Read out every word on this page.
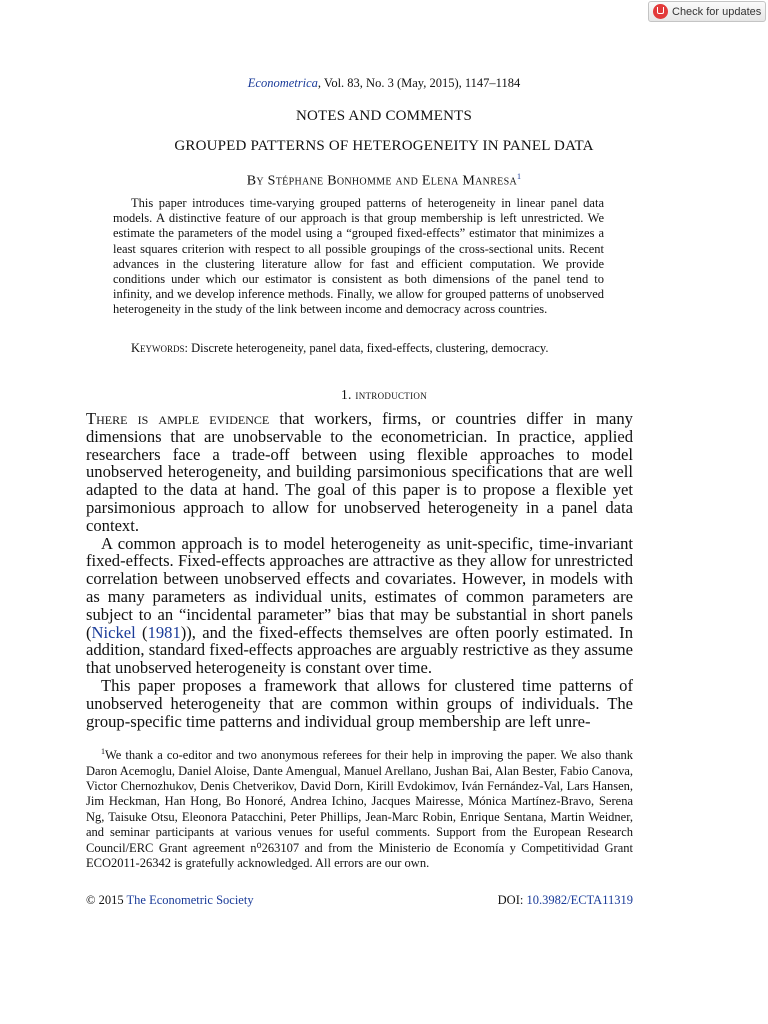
Check for updates
Econometrica, Vol. 83, No. 3 (May, 2015), 1147–1184
NOTES AND COMMENTS
GROUPED PATTERNS OF HETEROGENEITY IN PANEL DATA
By Stéphane Bonhomme and Elena Manresa$^1$

This paper introduces time-varying grouped patterns of heterogeneity in linear panel data models. A distinctive feature of our approach is that group membership is left unrestricted. We estimate the parameters of the model using a “grouped fixed-effects” estimator that minimizes a least squares criterion with respect to all possible groupings of the cross-sectional units. Recent advances in the clustering literature allow for fast and efficient computation. We provide conditions under which our estimator is consistent as both dimensions of the panel tend to infinity, and we develop inference methods. Finally, we allow for grouped patterns of unobserved heterogeneity in the study of the link between income and democracy across countries.

Keywords: Discrete heterogeneity, panel data, fixed-effects, clustering, democracy.
1. introduction

There is ample evidence that workers, firms, or countries differ in many dimensions that are unobservable to the econometrician. In practice, applied researchers face a trade-off between using flexible approaches to model unobserved heterogeneity, and building parsimonious specifications that are well adapted to the data at hand. The goal of this paper is to propose a flexible yet parsimonious approach to allow for unobserved heterogeneity in a panel data context.

A common approach is to model heterogeneity as unit-specific, time-invariant fixed-effects. Fixed-effects approaches are attractive as they allow for unrestricted correlation between unobserved effects and covariates. However, in models with as many parameters as individual units, estimates of common parameters are subject to an “incidental parameter” bias that may be substantial in short panels (Nickel (1981)), and the fixed-effects themselves are often poorly estimated. In addition, standard fixed-effects approaches are arguably restrictive as they assume that unobserved heterogeneity is constant over time.

This paper proposes a framework that allows for clustered time patterns of unobserved heterogeneity that are common within groups of individuals. The group-specific time patterns and individual group membership are left unre-

$^1$We thank a co-editor and two anonymous referees for their help in improving the paper. We also thank Daron Acemoglu, Daniel Aloise, Dante Amengual, Manuel Arellano, Jushan Bai, Alan Bester, Fabio Canova, Victor Chernozhukov, Denis Chetverikov, David Dorn, Kirill Evdokimov, Iván Fernández-Val, Lars Hansen, Jim Heckman, Han Hong, Bo Honoré, Andrea Ichino, Jacques Mairesse, Mónica Martínez-Bravo, Serena Ng, Taisuke Otsu, Eleonora Patacchini, Peter Phillips, Jean-Marc Robin, Enrique Sentana, Martin Weidner, and seminar participants at various venues for useful comments. Support from the European Research Council/ERC Grant agreement n⁰263107 and from the Ministerio de Economía y Competitividad Grant ECO2011-26342 is gratefully acknowledged. All errors are our own.

© 2015 The Econometric Society	DOI: 10.3982/ECTA11319
